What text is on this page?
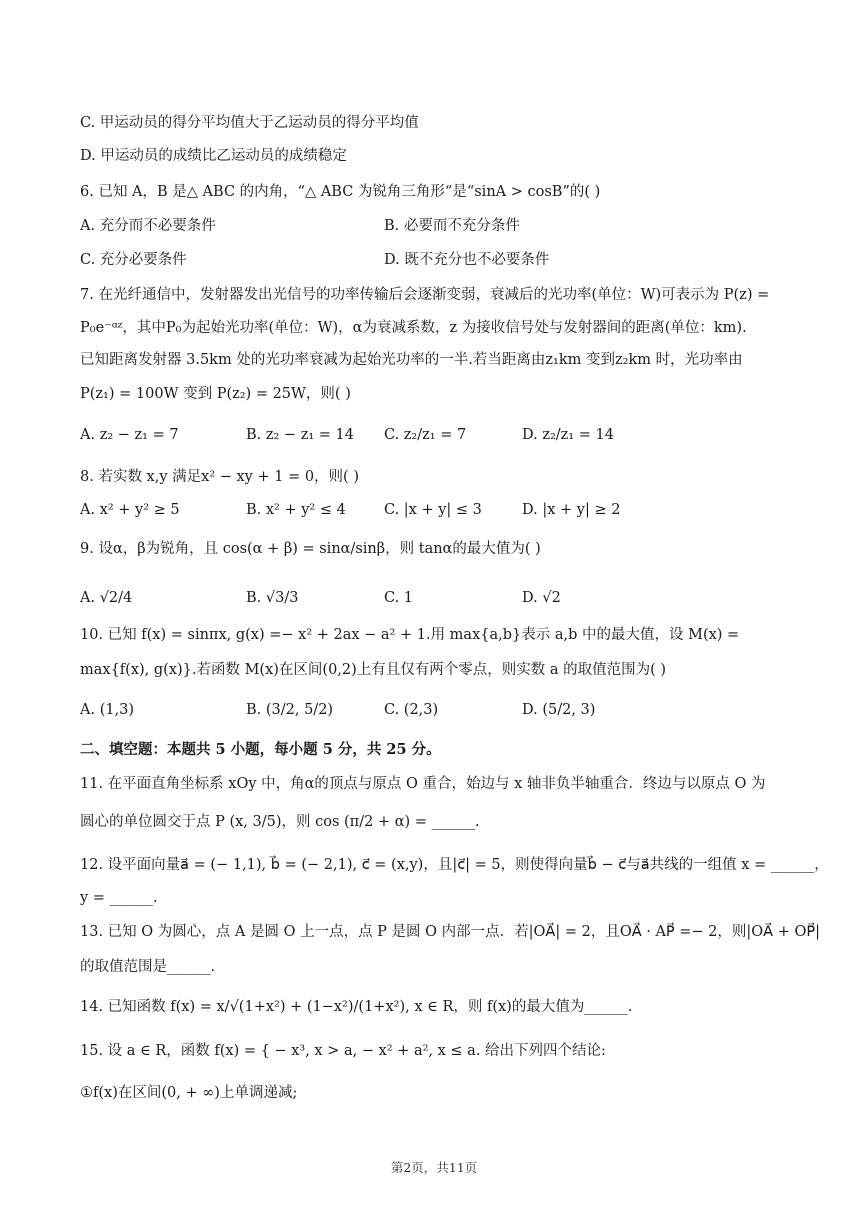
C. 甲运动员的得分平均值大于乙运动员的得分平均值
D. 甲运动员的成绩比乙运动员的成绩稳定
6. 已知 A，B 是△ ABC 的内角，“△ ABC 为锐角三角形“是“sinA > cosB”的( )
7. 在光纤通信中，发射器发出光信号的功率传输后会逐渐变弱，衰减后的光功率(单位：W)可表示为 P(z) =
P₀e⁻ᵅᶻ，其中P₀为起始光功率(单位：W)，α为衰减系数，z 为接收信号处与发射器间的距离(单位：km).
已知距离发射器 3.5km 处的光功率衰减为起始光功率的一半.若当距离由z₁km 变到z₂km 时，光功率由
P(z₁) = 100W 变到 P(z₂) = 25W，则( )
8. 若实数 x,y 满足x² − xy + 1 = 0，则( )
9. 设α，β为锐角，且 cos(α + β) = sinα/sinβ，则 tanα的最大值为( )
10. 已知 f(x) = sinπx, g(x) =− x² + 2ax − a² + 1.用 max{a,b}表示 a,b 中的最大值，设 M(x) =
max{f(x), g(x)}.若函数 M(x)在区间(0,2)上有且仅有两个零点，则实数 a 的取值范围为( )
二、填空题：本题共 5 小题，每小题 5 分，共 25 分。
11. 在平面直角坐标系 xOy 中，角α的顶点与原点 O 重合，始边与 x 轴非负半轴重合．终边与以原点 O 为
圆心的单位圆交于点 P (x, 3/5)，则 cos (π/2 + α) = ______.
12. 设平面向量a⃗ = (− 1,1), b⃗ = (− 2,1), c⃗ = (x,y)，且|c⃗| = 5，则使得向量b⃗ − c⃗与a⃗共线的一组值 x = ______，
y = ______.
13. 已知 O 为圆心，点 A 是圆 O 上一点，点 P 是圆 O 内部一点．若|OA⃗| = 2，且OA⃗ · AP⃗ =− 2，则|OA⃗ + OP⃗|
的取值范围是______.
14. 已知函数 f(x) = x/√(1+x²) + (1−x²)/(1+x²), x ∈ R，则 f(x)的最大值为______.
15. 设 a ∈ R，函数 f(x) = { − x³, x > a, − x² + a², x ≤ a. 给出下列四个结论:
①f(x)在区间(0, + ∞)上单调递减;
A. 充分而不必要条件	B. 必要而不充分条件
C. 充分必要条件	D. 既不充分也不必要条件
A. z₂ − z₁ = 7	B. z₂ − z₁ = 14 C. z₂/z₁ = 7	D. z₂/z₁ = 14
A. x² + y² ≥ 5	B. x² + y² ≤ 4	C. |x + y| ≤ 3	D. |x + y| ≥ 2
A. √2/4	B. √3/3	C. 1	D. √2
A. (1,3)	B. (3/2, 5/2)	C. (2,3)	D. (5/2, 3)
第2页，共11页
